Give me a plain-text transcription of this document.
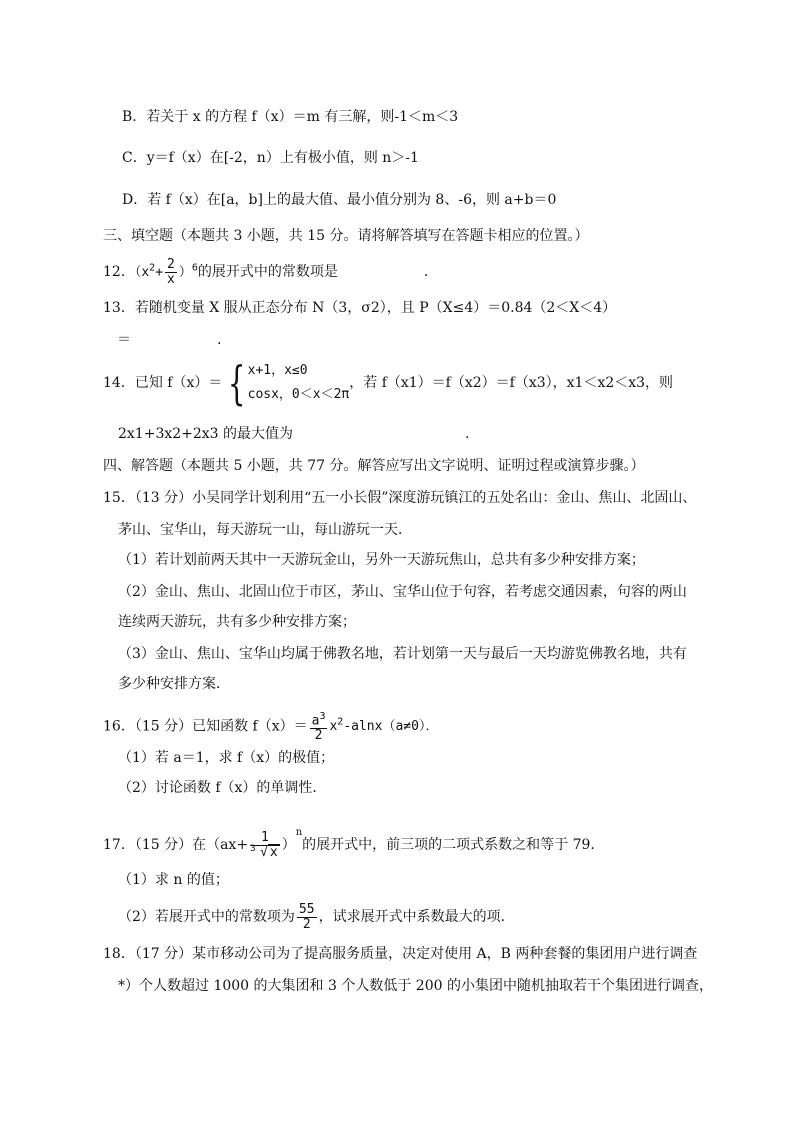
B．若关于 x 的方程 f（x）＝m 有三解，则-1＜m＜3
C．y＝f（x）在[-2，n）上有极小值，则 n＞-1
D．若 f（x）在[a，b]上的最大值、最小值分别为 8、-6，则 a+b＝0
三、填空题（本题共 3 小题，共 15 分。请将解答填写在答题卡相应的位置。）
12．$(x^2+ \frac{2}{x} )^6$的展开式中的常数项是	.
13．若随机变量 X 服从正态分布 N（3，σ2），且 P（X≤4）＝0.84（2＜X＜4）
＝	.
14．已知 f（x）＝ { x+1，x≤0
cosx，0＜x＜2π
，若 f（x1）＝f（x2）＝f（x3），x1＜x2＜x3，则
2x1+3x2+2x3 的最大值为	.
四、解答题（本题共 5 小题，共 77 分。解答应写出文字说明、证明过程或演算步骤。）
15．（13 分）小吴同学计划利用“五一小长假”深度游玩镇江的五处名山：金山、焦山、北固山、
茅山、宝华山，每天游玩一山，每山游玩一天．
（1）若计划前两天其中一天游玩金山，另外一天游玩焦山，总共有多少种安排方案；
（2）金山、焦山、北固山位于市区，茅山、宝华山位于句容，若考虑交通因素，句容的两山
连续两天游玩，共有多少种安排方案；
（3）金山、焦山、宝华山均属于佛教名地，若计划第一天与最后一天均游览佛教名地，共有
多少种安排方案．
16．（15 分）已知函数 $f(x)= \frac{a^3}{2} x^2-alnx(a\ne 0)$．
（1）若 a＝1，求 f（x）的极值；
（2）讨论函数 f（x）的单调性．
17．（15 分）在$(ax+ \frac{1}{3 √ x} )^n$的展开式中，前三项的二项式系数之和等于 79．
（1）求 n 的值；
（2）若展开式中的常数项为 $\frac{55}{2}$ ，试求展开式中系数最大的项．
18．（17 分）某市移动公司为了提高服务质量，决定对使用 A，B 两种套餐的集团用户进行调查
*）个人数超过 1000 的大集团和 3 个人数低于 200 的小集团中随机抽取若干个集团进行调查，
